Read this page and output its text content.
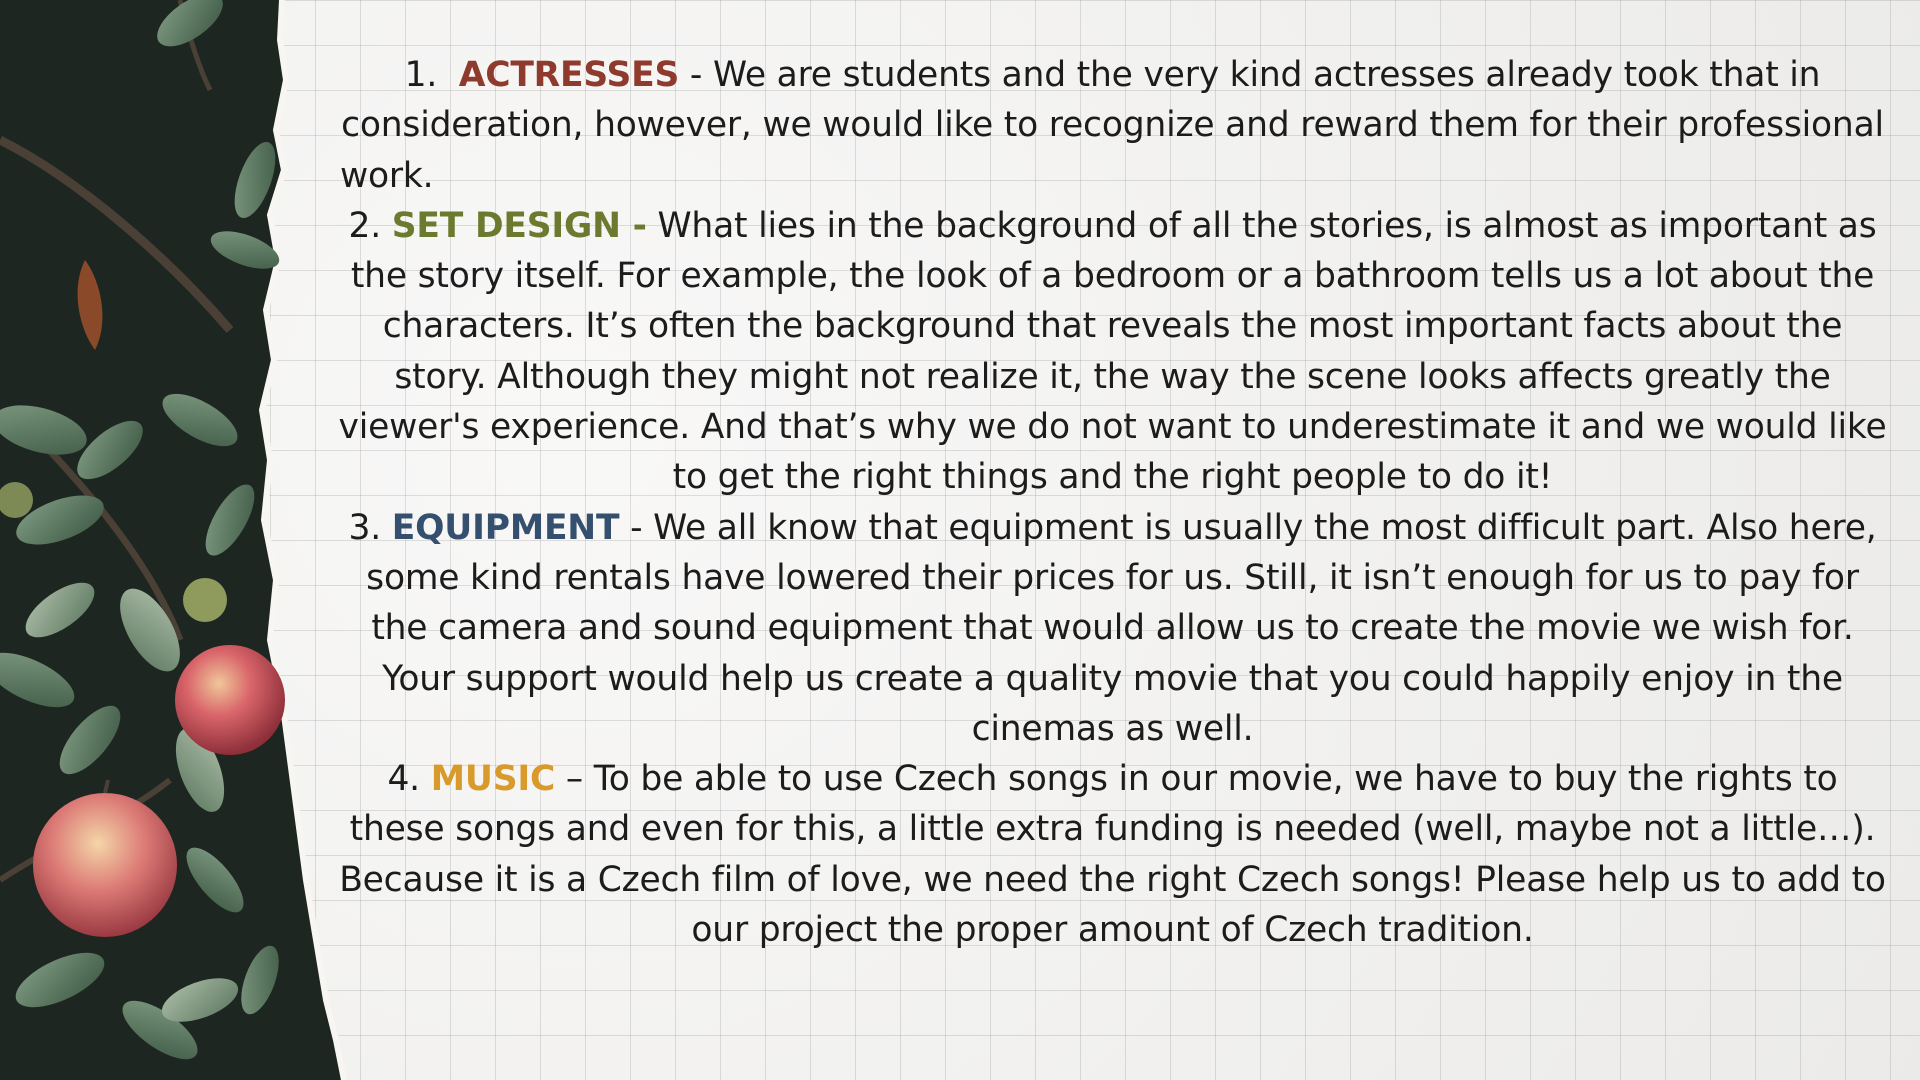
1. ACTRESSES - We are students and the very kind actresses already took that in
consideration, however, we would like to recognize and reward them for their professional

work.

2. SET DESIGN - What lies in the background of all the stories, is almost as important as the story itself. For example, the look of a bedroom or a bathroom tells us a lot about the characters. It’s often the background that reveals the most important facts about the story. Although they might not realize it, the way the scene looks affects greatly the viewer's experience. And that’s why we do not want to underestimate it and we would like to get the right things and the right people to do it!

3. EQUIPMENT - We all know that equipment is usually the most difficult part. Also here, some kind rentals have lowered their prices for us. Still, it isn’t enough for us to pay for the camera and sound equipment that would allow us to create the movie we wish for. Your support would help us create a quality movie that you could happily enjoy in the cinemas as well.

4. MUSIC – To be able to use Czech songs in our movie, we have to buy the rights to these songs and even for this, a little extra funding is needed (well, maybe not a little…). Because it is a Czech film of love, we need the right Czech songs! Please help us to add to our project the proper amount of Czech tradition.
